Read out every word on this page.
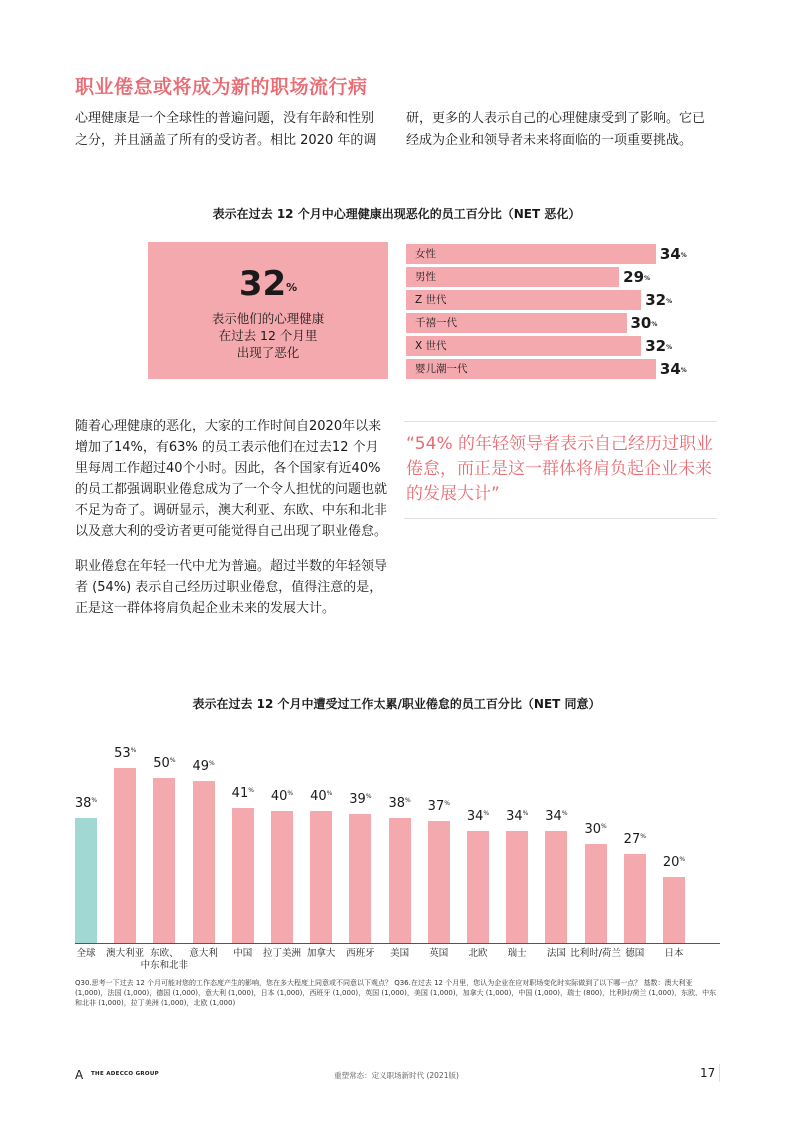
职业倦怠或将成为新的职场流行病
心理健康是一个全球性的普遍问题，没有年龄和性别之分，并且涵盖了所有的受访者。相比 2020 年的调
研，更多的人表示自己的心理健康受到了影响。它已经成为企业和领导者未来将面临的一项重要挑战。
表示在过去 12 个月中心理健康出现恶化的员工百分比（NET 恶化）
32%
表示他们的心理健康
在过去 12 个月里
出现了恶化
女性	34%
男性	29%
Z 世代	32%
千禧一代	30%
X 世代	32%
婴儿潮一代	34%
随着心理健康的恶化，大家的工作时间自2020年以来增加了14%，有63% 的员工表示他们在过去12 个月里每周工作超过40个小时。因此，各个国家有近40%的员工都强调职业倦怠成为了一个令人担忧的问题也就不足为奇了。调研显示，澳大利亚、东欧、中东和北非以及意大利的受访者更可能觉得自己出现了职业倦怠。
职业倦怠在年轻一代中尤为普遍。超过半数的年轻领导者 (54%) 表示自己经历过职业倦怠，值得注意的是，正是这一群体将肩负起企业未来的发展大计。
“54% 的年轻领导者表示自己经历过职业倦怠，而正是这一群体将肩负起企业未来的发展大计”
表示在过去 12 个月中遭受过工作太累/职业倦怠的员工百分比（NET 同意）
38%
全球
53%
澳大利亚
50%
东欧、
中东和北非
49%
意大利
41%
中国
40%
拉丁美洲
40%
加拿大
39%
西班牙
38%
美国
37%
英国
34%
北欧
34%
瑞士
34%
法国
30%
比利时/荷兰
27%
德国
20%
日本
Q30.思考一下过去 12 个月可能对您的工作态度产生的影响，您在多大程度上同意或不同意以下观点？ Q36.在过去 12 个月里，您认为企业在应对职场变化时实际做到了以下哪一点？ 基数：澳大利亚 (1,000)，法国 (1,000)，德国 (1,000)，意大利 (1,000)，日本 (1,000)，西班牙 (1,000)，英国 (1,000)，美国 (1,000)，加拿大 (1,000)，中国 (1,000)，瑞士 (800)，比利时/荷兰 (1,000)，东欧、中东和北非 (1,000)，拉丁美洲 (1,000)，北欧 (1,000)
A THE ADECCO GROUP	重塑常态：定义职场新时代 (2021版)	17
